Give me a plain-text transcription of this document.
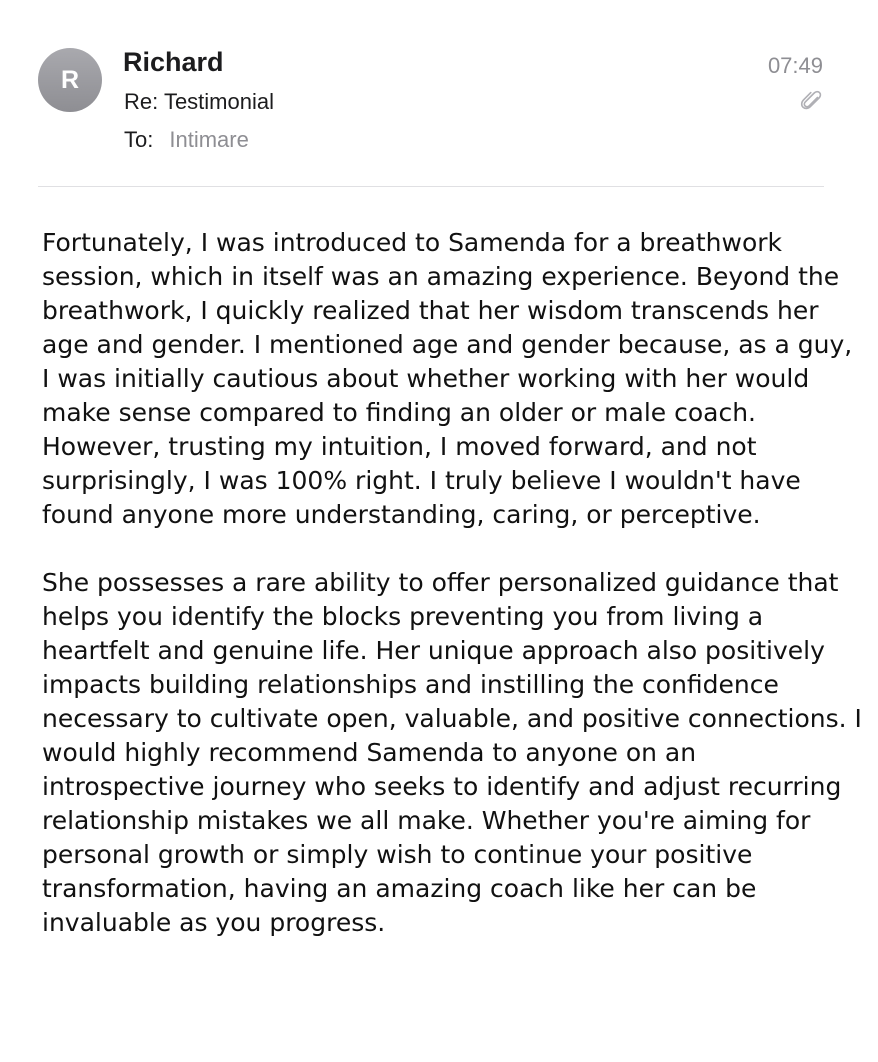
R
Richard
Re: Testimonial
To: Intimare
07:49

Fortunately, I was introduced to Samenda for a breathwork session, which in itself was an amazing experience. Beyond the breathwork, I quickly realized that her wisdom transcends her age and gender. I mentioned age and gender because, as a guy, I was initially cautious about whether working with her would make sense compared to finding an older or male coach. However, trusting my intuition, I moved forward, and not surprisingly, I was 100% right. I truly believe I wouldn't have found anyone more understanding, caring, or perceptive.

She possesses a rare ability to offer personalized guidance that helps you identify the blocks preventing you from living a heartfelt and genuine life. Her unique approach also positively impacts building relationships and instilling the confidence necessary to cultivate open, valuable, and positive connections. I would highly recommend Samenda to anyone on an introspective journey who seeks to identify and adjust recurring relationship mistakes we all make. Whether you're aiming for personal growth or simply wish to continue your positive transformation, having an amazing coach like her can be invaluable as you progress.
